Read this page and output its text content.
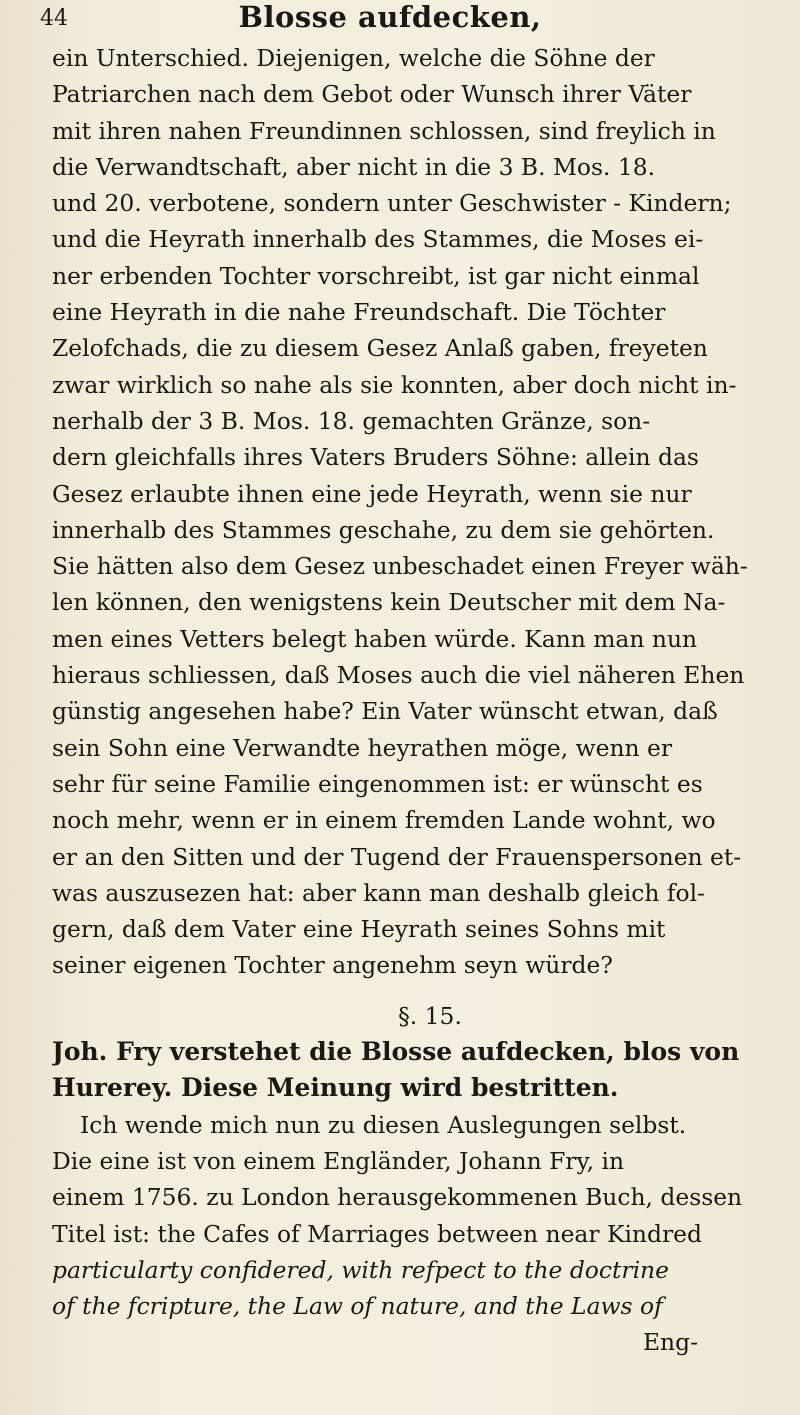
44	Blosse aufdecken,
ein Unterschied. Diejenigen, welche die Söhne der
Patriarchen nach dem Gebot oder Wunsch ihrer Väter
mit ihren nahen Freundinnen schlossen, sind freylich in
die Verwandtschaft, aber nicht in die 3 B. Mos. 18.
und 20. verbotene, sondern unter Geschwister - Kindern;
und die Heyrath innerhalb des Stammes, die Moses ei-
ner erbenden Tochter vorschreibt, ist gar nicht einmal
eine Heyrath in die nahe Freundschaft. Die Töchter
Zelofchads, die zu diesem Gesez Anlaß gaben, freyeten
zwar wirklich so nahe als sie konnten, aber doch nicht in-
nerhalb der 3 B. Mos. 18. gemachten Gränze, son-
dern gleichfalls ihres Vaters Bruders Söhne: allein das
Gesez erlaubte ihnen eine jede Heyrath, wenn sie nur
innerhalb des Stammes geschahe, zu dem sie gehörten.
Sie hätten also dem Gesez unbeschadet einen Freyer wäh-
len können, den wenigstens kein Deutscher mit dem Na-
men eines Vetters belegt haben würde. Kann man nun
hieraus schliessen, daß Moses auch die viel näheren Ehen
günstig angesehen habe? Ein Vater wünscht etwan, daß
sein Sohn eine Verwandte heyrathen möge, wenn er
sehr für seine Familie eingenommen ist: er wünscht es
noch mehr, wenn er in einem fremden Lande wohnt, wo
er an den Sitten und der Tugend der Frauenspersonen et-
was auszusezen hat: aber kann man deshalb gleich fol-
gern, daß dem Vater eine Heyrath seines Sohns mit
seiner eigenen Tochter angenehm seyn würde?
§. 15.
Joh. Fry verstehet die Blosse aufdecken, blos von Hurerey. Diese Meinung wird bestritten.
Ich wende mich nun zu diesen Auslegungen selbst.
Die eine ist von einem Engländer, Johann Fry, in
einem 1756. zu London herausgekommenen Buch, dessen
Titel ist: the Cafes of Marriages between near Kindred
particularty confidered, with refpect to the doctrine
of the fcripture, the Law of nature, and the Laws of
Eng-
